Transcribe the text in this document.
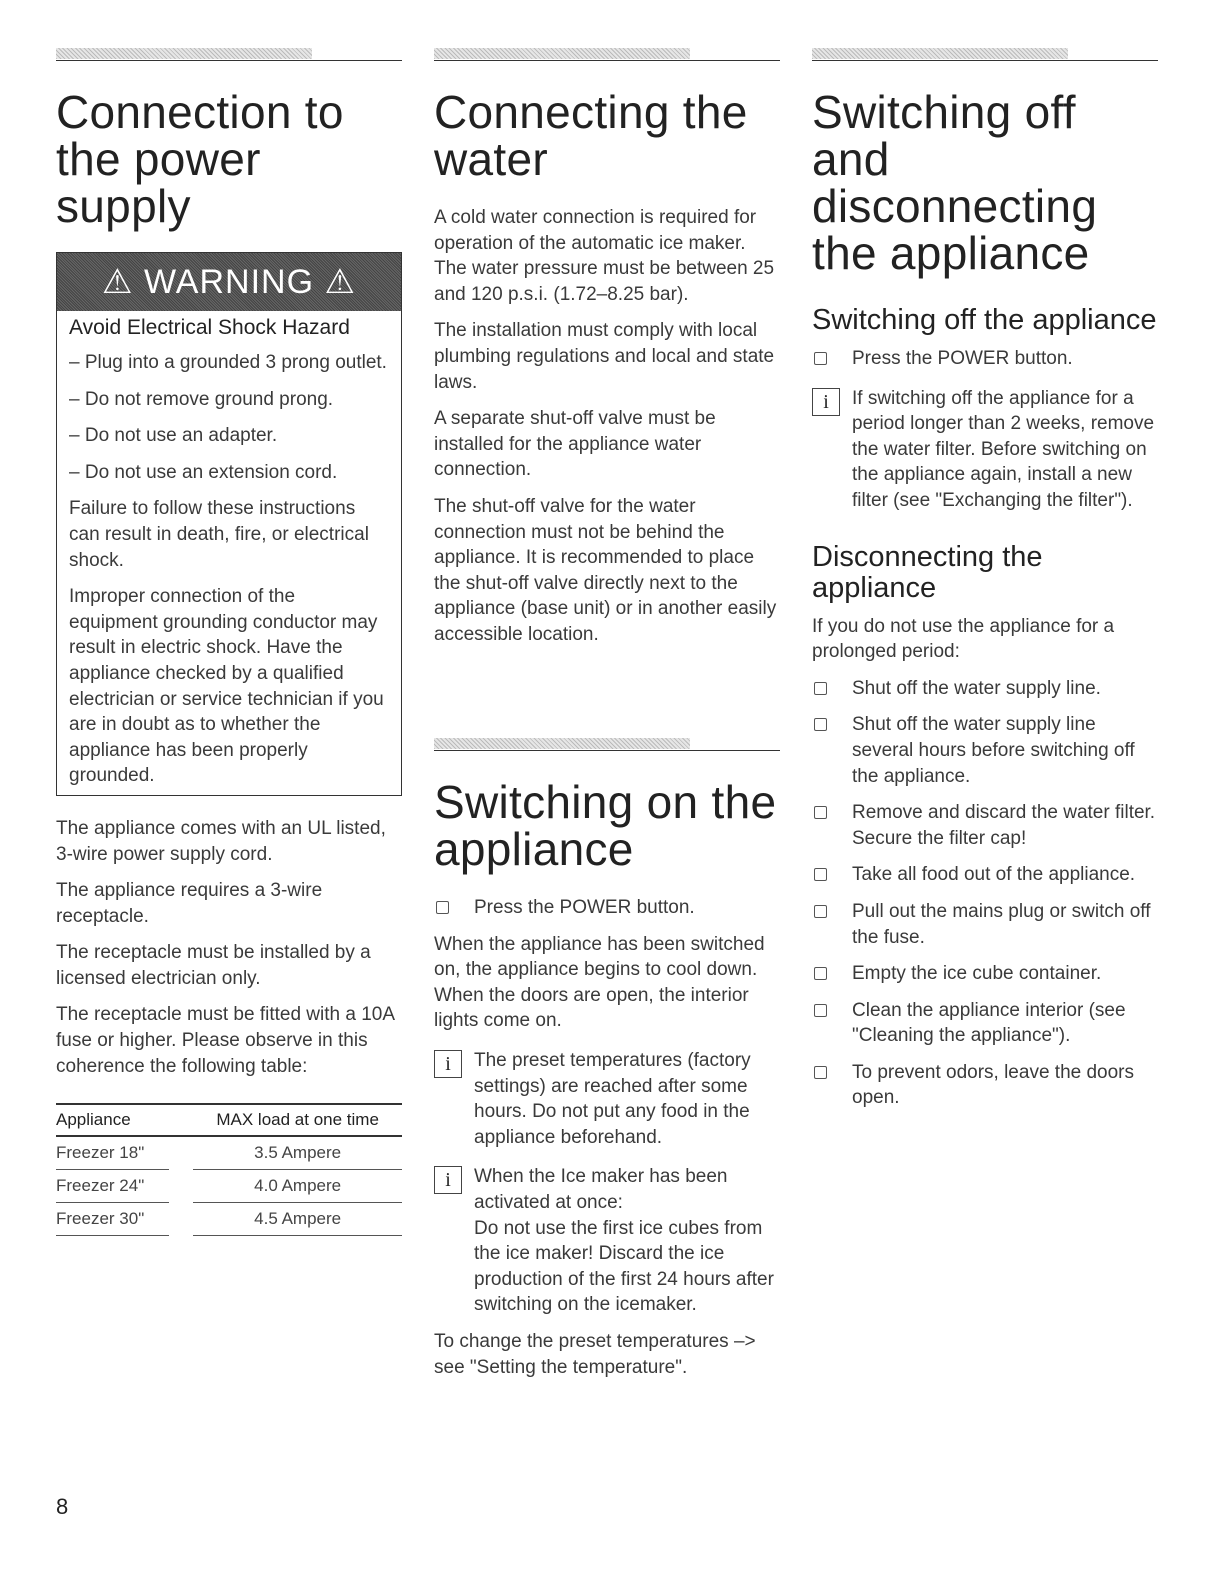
Connection to the power supply
⚠ WARNING ⚠
Avoid Electrical Shock Hazard

– Plug into a grounded 3 prong outlet.

– Do not remove ground prong.

– Do not use an adapter.

– Do not use an extension cord.

Failure to follow these instructions can result in death, fire, or electrical shock.

Improper connection of the equipment grounding conductor may result in electric shock. Have the appliance checked by a qualified electrician or service technician if you are in doubt as to whether the appliance has been properly grounded.

The appliance comes with an UL listed, 3-wire power supply cord.

The appliance requires a 3-wire receptacle.

The receptacle must be installed by a licensed electrician only.

The receptacle must be fitted with a 10A fuse or higher. Please observe in this coherence the following table:

Appliance		MAX load at one time
Freezer 18"		3.5 Ampere
Freezer 24"		4.0 Ampere
Freezer 30"		4.5 Ampere
Connecting the water

A cold water connection is required for operation of the automatic ice maker. The water pressure must be between 25 and 120 p.s.i. (1.72–8.25 bar).

The installation must comply with local plumbing regulations and local and state laws.

A separate shut-off valve must be installed for the appliance water connection.

The shut-off valve for the water connection must not be behind the appliance. It is recommended to place the shut-off valve directly next to the appliance (base unit) or in another easily accessible location.

Switching on the appliance

Press the POWER button.

When the appliance has been switched on, the appliance begins to cool down. When the doors are open, the interior lights come on.

i	The preset temperatures (factory settings) are reached after some hours. Do not put any food in the appliance beforehand.

i	When the Ice maker has been activated at once:

Do not use the first ice cubes from the ice maker! Discard the ice production of the first 24 hours after switching on the icemaker.

To change the preset temperatures –> see "Setting the temperature".

Switching off and disconnecting the appliance
Switching off the appliance

Press the POWER button.

i	If switching off the appliance for a period longer than 2 weeks, remove the water filter. Before switching on the appliance again, install a new filter (see "Exchanging the filter").

Disconnecting the appliance

If you do not use the appliance for a prolonged period:

Shut off the water supply line.

Shut off the water supply line several hours before switching off the appliance.

Remove and discard the water filter. Secure the filter cap!

Take all food out of the appliance.

Pull out the mains plug or switch off the fuse.

Empty the ice cube container.

Clean the appliance interior (see "Cleaning the appliance").

To prevent odors, leave the doors open.

8
